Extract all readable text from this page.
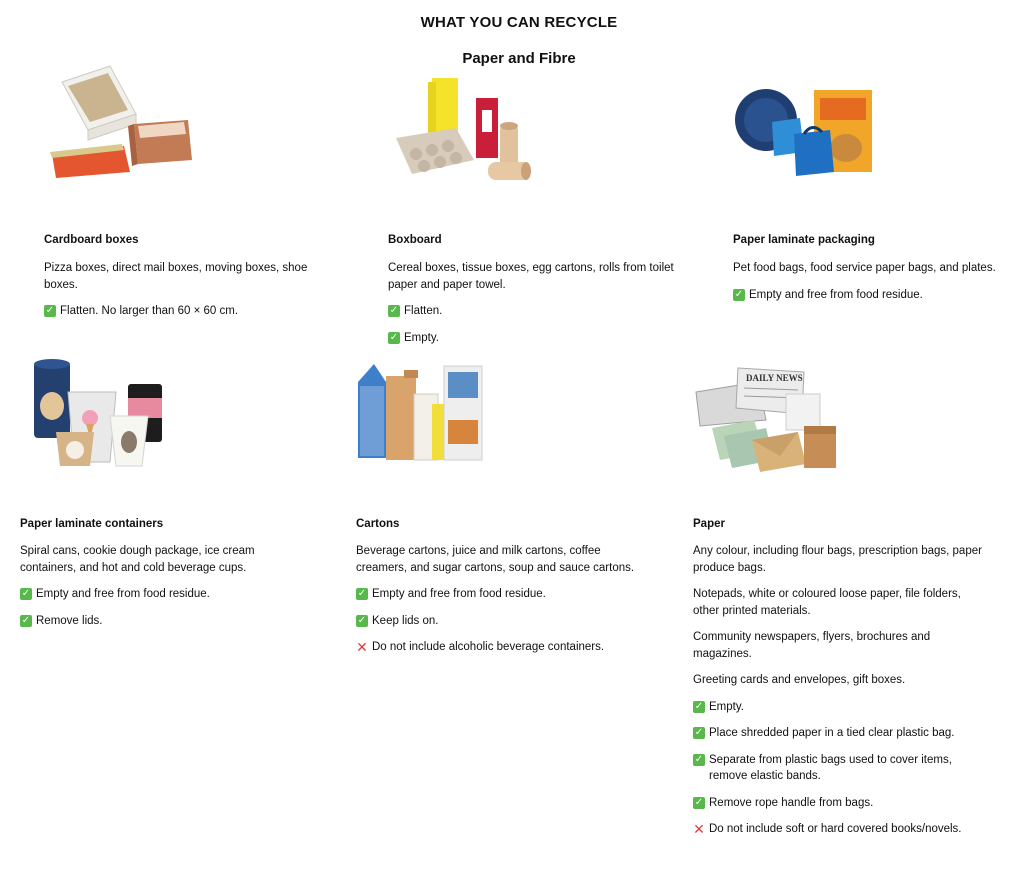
WHAT YOU CAN RECYCLE
Paper and Fibre
Cardboard boxes

Pizza boxes, direct mail boxes, moving boxes, shoe boxes.

✓ Flatten. No larger than 60 × 60 cm.
Boxboard

Cereal boxes, tissue boxes, egg cartons, rolls from toilet paper and paper towel.

✓ Flatten.
✓ Empty.
Paper laminate packaging

Pet food bags, food service paper bags, and plates.

✓ Empty and free from food residue.
Paper laminate containers

Spiral cans, cookie dough package, ice cream containers, and hot and cold beverage cups.

✓ Empty and free from food residue.
✓ Remove lids.
Cartons

Beverage cartons, juice and milk cartons, coffee creamers, and sugar cartons, soup and sauce cartons.

✓ Empty and free from food residue.
✓ Keep lids on.
✕ Do not include alcoholic beverage containers.
DAILY NEWS
Paper

Any colour, including flour bags, prescription bags, paper produce bags.

Notepads, white or coloured loose paper, file folders, other printed materials.

Community newspapers, flyers, brochures and magazines.

Greeting cards and envelopes, gift boxes.

✓ Empty.
✓ Place shredded paper in a tied clear plastic bag.
✓ Separate from plastic bags used to cover items, remove elastic bands.
✓ Remove rope handle from bags.
✕ Do not include soft or hard covered books/novels.
